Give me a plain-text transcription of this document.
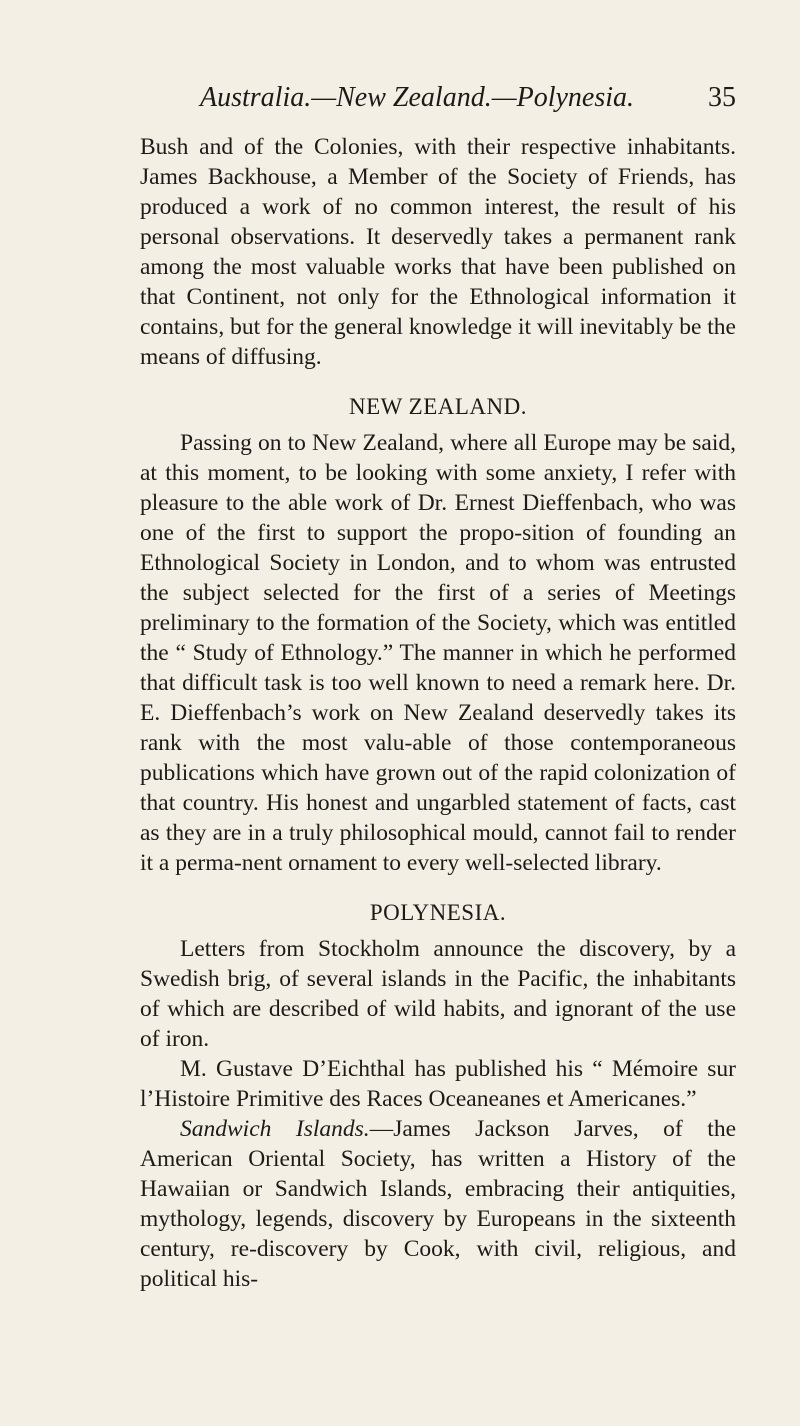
Australia.—New Zealand.—Polynesia.	35

Bush and of the Colonies, with their respective inhabitants. James Backhouse, a Member of the Society of Friends, has produced a work of no common interest, the result of his personal observations. It deservedly takes a permanent rank among the most valuable works that have been published on that Continent, not only for the Ethnological information it contains, but for the general knowledge it will inevitably be the means of diffusing.

NEW ZEALAND.

Passing on to New Zealand, where all Europe may be said, at this moment, to be looking with some anxiety, I refer with pleasure to the able work of Dr. Ernest Dieffenbach, who was one of the first to support the propo-sition of founding an Ethnological Society in London, and to whom was entrusted the subject selected for the first of a series of Meetings preliminary to the formation of the Society, which was entitled the “ Study of Ethnology.” The manner in which he performed that difficult task is too well known to need a remark here. Dr. E. Dieffenbach’s work on New Zealand deservedly takes its rank with the most valu-able of those contemporaneous publications which have grown out of the rapid colonization of that country. His honest and ungarbled statement of facts, cast as they are in a truly philosophical mould, cannot fail to render it a perma-nent ornament to every well-selected library.

POLYNESIA.

Letters from Stockholm announce the discovery, by a Swedish brig, of several islands in the Pacific, the inhabitants of which are described of wild habits, and ignorant of the use of iron.

M. Gustave D’Eichthal has published his “ Mémoire sur l’Histoire Primitive des Races Oceaneanes et Americanes.”

Sandwich Islands.—James Jackson Jarves, of the American Oriental Society, has written a History of the Hawaiian or Sandwich Islands, embracing their antiquities, mythology, legends, discovery by Europeans in the sixteenth century, re-discovery by Cook, with civil, religious, and political his-
